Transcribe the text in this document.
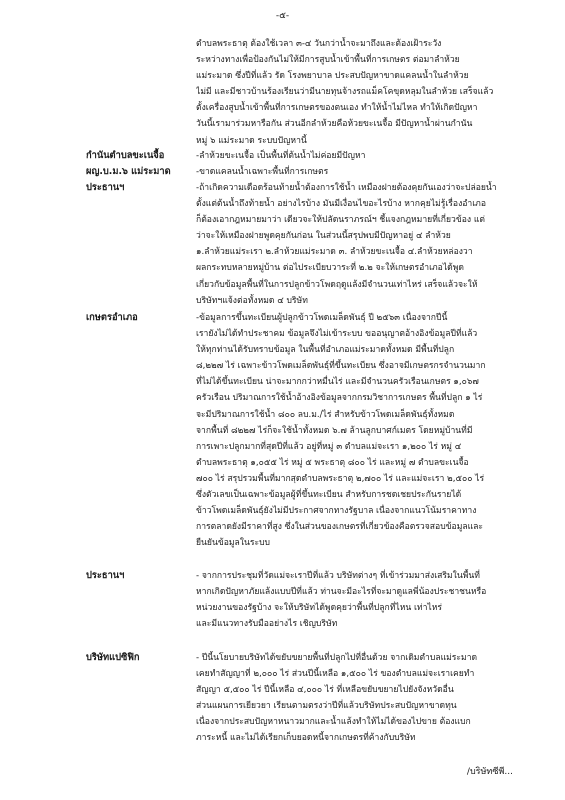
-๕-
ตำบลพระธาตุ ต้องใช้เวลา ๓-๔ วันกว่าน้ำจะมาถึงและต้องเฝ้าระวัง
ระหว่างทางเพื่อป้องกันไม่ให้มีการสูบน้ำเข้าพื้นที่การเกษตร ต่อมาลำห้วย
แม่ระมาด ซึ่งปีที่แล้ว รัด โรงพยาบาล ประสบปัญหาขาดแคลนน้ำในลำห้วย
ไม่มี และมีชาวบ้านร้องเรียนว่ามีนายทุนจ้างรถแม็คโคขุดหลุมในลำห้วย เสร็จแล้ว
ตั้งเครื่องสูบน้ำเข้าพื้นที่การเกษตรของตนเอง ทำให้น้ำไม่ไหล ทำให้เกิดปัญหา
วันนี้เรามาร่วมหารือกัน ส่วนอีกลำห้วยคือห้วยขะเนจื้อ มีปัญหาน้ำผ่านกำนัน
หมู่ ๖ แม่ระมาด ระบบปัญหานี้
กำนันตำบลขะเนจื้อ	-ลำห้วยขะเนจื้อ เป็นพื้นที่ต้นน้ำไม่ค่อยมีปัญหา
ผญ.บ.ม.๖ แม่ระมาด	-ขาดแคลนน้ำเฉพาะพื้นที่การเกษตร
ประธานฯ	-ถ้าเกิดความเดือดร้อนท้ายน้ำต้องการใช้น้ำ เหมืองฝายต้องคุยกันเองว่าจะปล่อยน้ำ
ตั้งแต่ต้นน้ำถึงท้ายน้ำ อย่างไรบ้าง มันมีเงื่อนไขอะไรบ้าง หากคุยไม่รู้เรื่องอำเภอ
ก็ต้องเอากฎหมายมาว่า เดียวจะให้ปลัดนราภรณ์ฯ ชี้แจงกฎหมายที่เกี่ยวข้อง แต่
ว่าจะให้เหมืองฝายพูดคุยกันก่อน ในส่วนนี้สรุปพบมีปัญหาอยู่ ๔ ลำห้วย
๑.ลำห้วยแม่ระเรา ๒.ลำห้วยแม่ระมาด ๓. ลำห้วยขะเนจื้อ ๔.ลำห้วยหล่องวา
ผลกระทบหลายหมู่บ้าน ต่อไประเบียบวาระที่ ๒.๒ จะให้เกษตรอำเภอได้พูด
เกี่ยวกับข้อมูลพื้นที่ในการปลูกข้าวโพดฤดูแล้งมีจำนวนเท่าไหร่ เสร็จแล้วจะให้
บริษัทฯแจ้งต่อทั้งหมด ๔ บริษัท
เกษตรอำเภอ	-ข้อมูลการขึ้นทะเบียนผู้ปลูกข้าวโพดเมล็ดพันธุ์ ปี ๒๕๖๓ เนื่องจากปีนี้
เรายังไม่ได้ทำประชาคม ข้อมูลจึงไม่เข้าระบบ ขออนุญาตอ้างอิงข้อมูลปีที่แล้ว
ให้ทุกท่านได้รับทราบข้อมูล ในพื้นที่อำเภอแม่ระมาดทั้งหมด มีพื้นที่ปลูก
๘,๒๒๗ ไร่ เฉพาะข้าวโพดเมล็ดพันธุ์ที่ขึ้นทะเบียน ซึ่งอาจมีเกษตรกรจำนวนมาก
ที่ไม่ได้ขึ้นทะเบียน น่าจะมากกว่าหมื่นไร่ และมีจำนวนครัวเรือนเกษตร ๑,๐๖๗
ครัวเรือน ปริมาณการใช้น้ำอ้างอิงข้อมูลจากกรมวิชาการเกษตร พื้นที่ปลูก ๑ ไร่
จะมีปริมาณการใช้น้ำ ๘๐๐ ลบ.ม./ไร่ สำหรับข้าวโพดเมล็ดพันธุ์ทั้งหมด
จากพื้นที่ ๘๒๒๗ ไร่ก็จะใช้น้ำทั้งหมด ๖.๗ ล้านลูกบาศก์เมตร โดยหมู่บ้านที่มี
การเพาะปลูกมากที่สุดปีที่แล้ว อยู่ที่หมู่ ๓ ตำบลแม่จะเรา ๑,๒๐๐ ไร่ หมู่ ๔
ตำบลพระธาตุ ๑,๐๕๕ ไร่ หมู่ ๕ พระธาตุ ๘๐๐ ไร่ และหมู่ ๗ ตำบลขะเนจื้อ
๗๐๐ ไร่ สรุปรวมพื้นที่มากสุดตำบลพระธาตุ ๒,๗๐๐ ไร่ และแม่จะเรา ๒,๕๐๐ ไร่
ซึ่งตัวเลขเป็นเฉพาะข้อมูลผู้ที่ขึ้นทะเบียน สำหรับการชดเชยประกันรายได้
ข้าวโพดเมล็ดพันธุ์ยังไม่มีประกาศจากทางรัฐบาล เนื่องจากแนวโน้มราคาทาง
การตลาดยังมีราคาที่สูง ซึ่งในส่วนของเกษตรที่เกี่ยวข้องคือตรวจสอบข้อมูลและ
ยืนยันข้อมูลในระบบ
ประธานฯ	- จากการประชุมที่วัดแม่จะเราปีที่แล้ว บริษัทต่างๆ ที่เข้าร่วมมาส่งเสริมในพื้นที่
หากเกิดปัญหาภัยแล้งแบบปีที่แล้ว ท่านจะมีอะไรที่จะมาดูแลพี่น้องประชาชนหรือ
หน่วยงานของรัฐบ้าง จะให้บริษัทได้พูดคุยว่าพื้นที่ปลูกที่ไหน เท่าไหร่
และมีแนวทางรับมืออย่างไร เชิญบริษัท
บริษัทแปซิฟิก	- ปีนี้นโยบายบริษัทได้ขยับขยายพื้นที่ปลูกไปที่อื่นด้วย จากเดิมตำบลแม่ระมาด
เคยทำสัญญาที่ ๒,๐๐๐ ไร่ ส่วนปีนี้เหลือ ๑,๕๐๐ ไร่ ของตำบลแม่จะเราเคยทำ
สัญญา ๕,๕๐๐ ไร่ ปีนี้เหลือ ๔,๐๐๐ ไร่ ที่เหลือขยับขยายไปยังจังหวัดอื่น
ส่วนแผนการเยียวยา เรียนตามตรงว่าปีที่แล้วบริษัทประสบปัญหาขาดทุน
เนื่องจากประสบปัญหาหนาวมากและน้ำแล้งทำให้ไม่ได้ของไปขาย ต้องแบก
ภาระหนี้ และไม่ได้เรียกเก็บยอดหนี้จากเกษตรที่ค้างกับบริษัท
/บริษัทซีพี...
